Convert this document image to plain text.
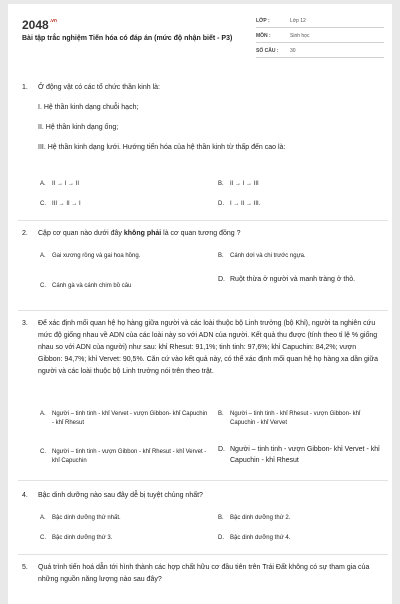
$2048^{.vn}$
Bài tập trắc nghiệm Tiến hóa có đáp án (mức độ nhận biết - P3)
LỚP :	Lớp 12
MÔN :	Sinh học
SỐ CÂU : 30
1. Ở động vật có các tổ chức thần kinh là:

I. Hệ thần kinh dạng chuỗi hạch;

II. Hệ thần kinh dạng ống;

III. Hệ thần kinh dạng lưới. Hướng tiến hóa của hệ thần kinh từ thấp đến cao là:

A. II → I → II	B. II → I → III
C. III → II → I	D. I → II → III.
2. Cặp cơ quan nào dưới đây không phải là cơ quan tương đồng ?
A. Gai xương rồng và gai hoa hồng.	B. Cánh dơi và chi trước ngựa.
C. Cánh gà và cánh chim bồ câu
D. Ruột thừa ở người và manh tràng ở thỏ.
3. Để xác định mối quan hệ họ hàng giữa người và các loài thuộc bộ Linh trưởng (bộ Khỉ), người ta nghiên cứu mức độ giống nhau về ADN của các loài này so với ADN của người. Kết quả thu được (tính theo tỉ lệ % giống nhau so với ADN của người) như sau: khỉ Rhesut: 91,1%; tinh tinh: 97,6%; khỉ Capuchin: 84,2%; vượn Gibbon: 94,7%; khỉ Vervet: 90,5%. Căn cứ vào kết quả này, có thể xác định mối quan hệ họ hàng xa dần giữa người và các loài thuộc bộ Linh trưởng nói trên theo trật.
A. Người – tinh tinh - khỉ Vervet - vượn Gibbon- khỉ Capuchin - khỉ Rhesut
B. Người – tinh tinh - khỉ Rhesut - vượn Gibbon- khỉ Capuchin - khỉ Vervet
C. Người – tinh tinh - vượn Gibbon - khỉ Rhesut - khỉ Vervet - khỉ Capuchin
D. Người – tinh tinh - vượn Gibbon- khỉ Vervet - khỉ Capuchin - khỉ Rhesut
4. Bậc dinh dưỡng nào sau đây dễ bị tuyệt chủng nhất?
A. Bậc dinh dưỡng thứ nhất.	B. Bậc dinh dưỡng thứ 2.
C. Bậc dinh dưỡng thứ 3.	D. Bậc dinh dưỡng thứ 4.
5. Quá trình tiến hoá dẫn tới hình thành các hợp chất hữu cơ đầu tiên trên Trái Đất không có sự tham gia của những nguồn năng lượng nào sau đây?
